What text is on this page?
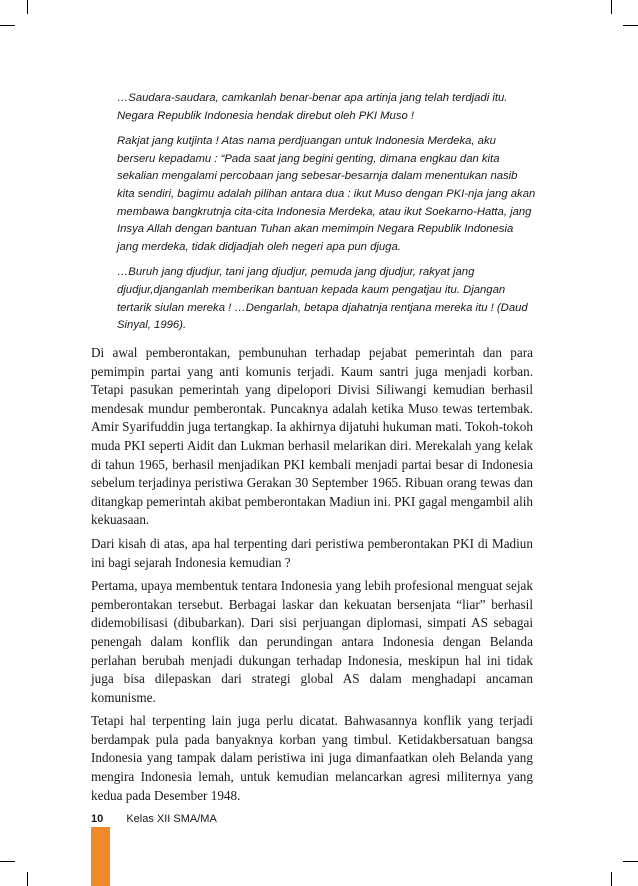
…Saudara-saudara, camkanlah benar-benar apa artinja jang telah terdjadi itu. Negara Republik Indonesia hendak direbut oleh PKI Muso !

Rakjat jang kutjinta ! Atas nama perdjuangan untuk Indonesia Merdeka, aku berseru kepadamu : “Pada saat jang begini genting, dimana engkau dan kita sekalian mengalami percobaan jang sebesar-besarnja dalam menentukan nasib kita sendiri, bagimu adalah pilihan antara dua : ikut Muso dengan PKI-nja jang akan membawa bangkrutnja cita-cita Indonesia Merdeka, atau ikut Soekarno-Hatta, jang Insya Allah dengan bantuan Tuhan akan memimpin Negara Republik Indonesia jang merdeka, tidak didjadjah oleh negeri apa pun djuga.

…Buruh jang djudjur, tani jang djudjur, pemuda jang djudjur, rakyat jang djudjur,djanganlah memberikan bantuan kepada kaum pengatjau itu. Djangan tertarik siulan mereka ! …Dengarlah, betapa djahatnja rentjana mereka itu ! (Daud Sinyal, 1996).

Di awal pemberontakan, pembunuhan terhadap pejabat pemerintah dan para pemimpin partai yang anti komunis terjadi. Kaum santri juga menjadi korban. Tetapi pasukan pemerintah yang dipelopori Divisi Siliwangi kemudian berhasil mendesak mundur pemberontak. Puncaknya adalah ketika Muso tewas tertembak. Amir Syarifuddin juga tertangkap. Ia akhirnya dijatuhi hukuman mati. Tokoh-tokoh muda PKI seperti Aidit dan Lukman berhasil melarikan diri. Merekalah yang kelak di tahun 1965, berhasil menjadikan PKI kembali menjadi partai besar di Indonesia sebelum terjadinya peristiwa Gerakan 30 September 1965. Ribuan orang tewas dan ditangkap pemerintah akibat pemberontakan Madiun ini. PKI gagal mengambil alih kekuasaan.

Dari kisah di atas, apa hal terpenting dari peristiwa pemberontakan PKI di Madiun ini bagi sejarah Indonesia kemudian ?

Pertama, upaya membentuk tentara Indonesia yang lebih profesional menguat sejak pemberontakan tersebut. Berbagai laskar dan kekuatan bersenjata “liar” berhasil didemobilisasi (dibubarkan). Dari sisi perjuangan diplomasi, simpati AS sebagai penengah dalam konflik dan perundingan antara Indonesia dengan Belanda perlahan berubah menjadi dukungan terhadap Indonesia, meskipun hal ini tidak juga bisa dilepaskan dari strategi global AS dalam menghadapi ancaman komunisme.

Tetapi hal terpenting lain juga perlu dicatat. Bahwasannya konflik yang terjadi berdampak pula pada banyaknya korban yang timbul. Ketidakbersatuan bangsa Indonesia yang tampak dalam peristiwa ini juga dimanfaatkan oleh Belanda yang mengira Indonesia lemah, untuk kemudian melancarkan agresi militernya yang kedua pada Desember 1948.

10 Kelas XII SMA/MA
